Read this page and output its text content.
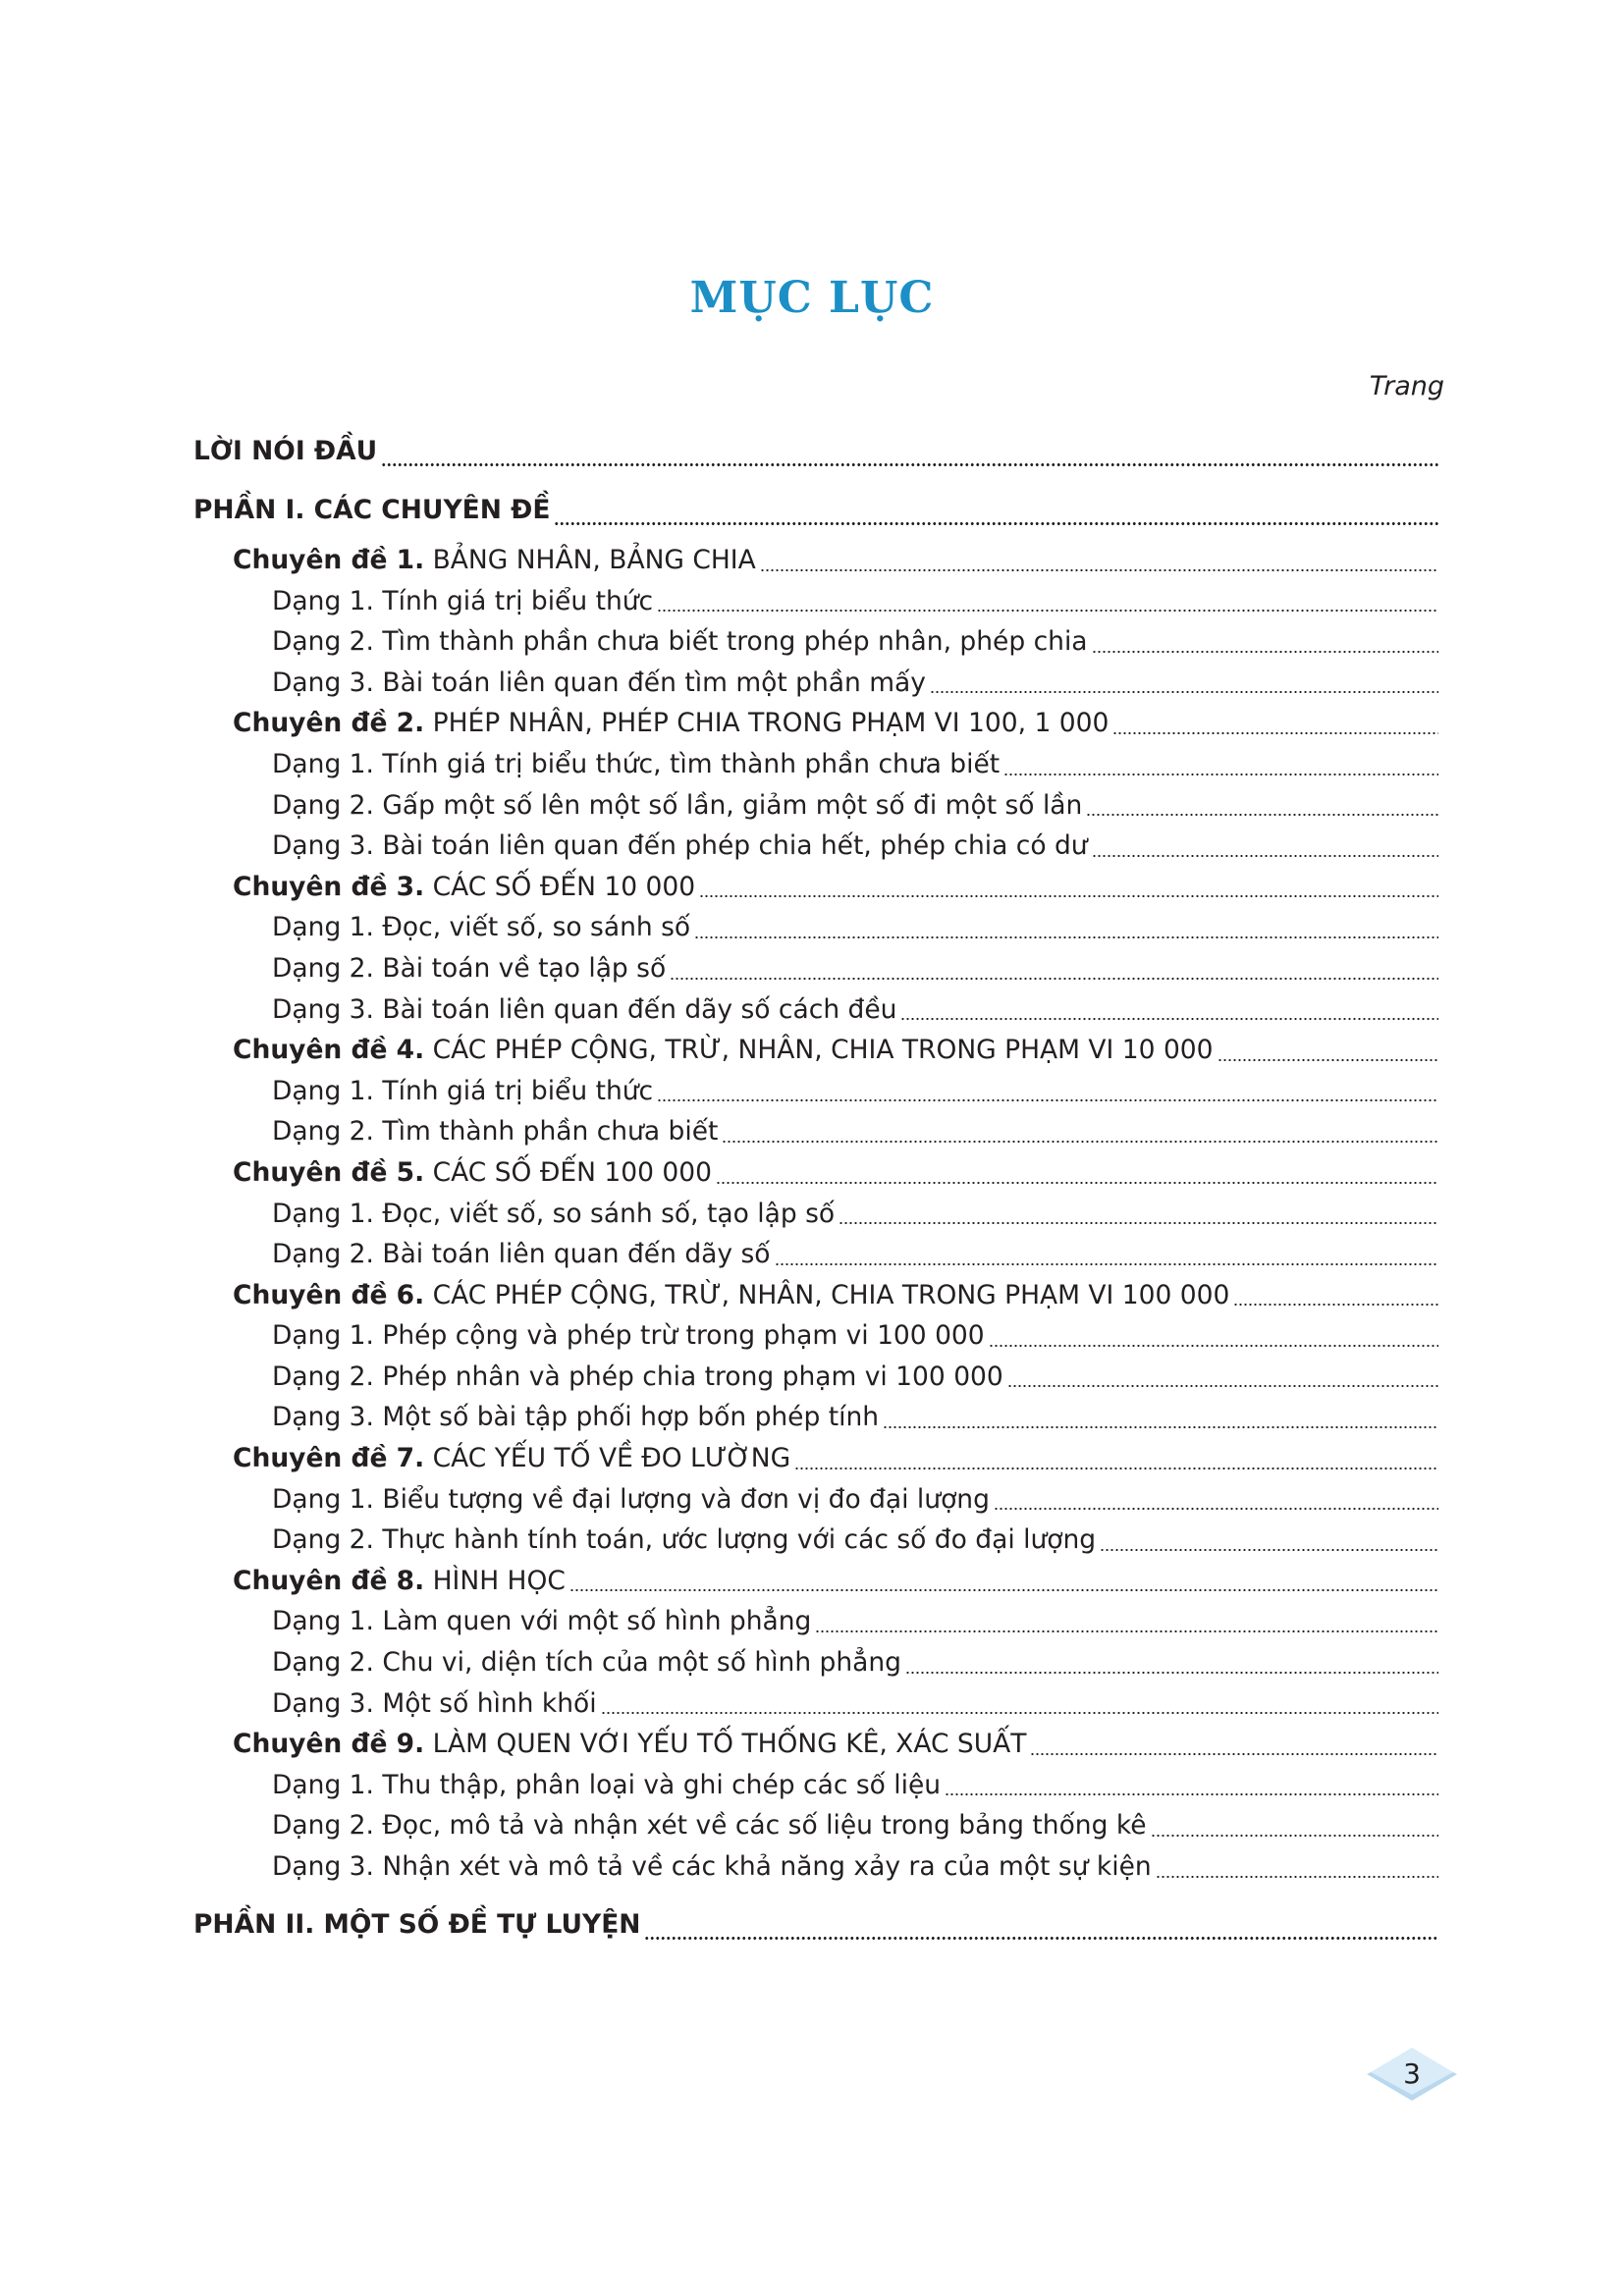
MỤC LỤC
Trang
LỜI NÓI ĐẦU
PHẦN I. CÁC CHUYÊN ĐỀ
Chuyên đề 1. BẢNG NHÂN, BẢNG CHIA
Dạng 1. Tính giá trị biểu thức
Dạng 2. Tìm thành phần chưa biết trong phép nhân, phép chia
Dạng 3. Bài toán liên quan đến tìm một phần mấy
Chuyên đề 2. PHÉP NHÂN, PHÉP CHIA TRONG PHẠM VI 100, 1 000
Dạng 1. Tính giá trị biểu thức, tìm thành phần chưa biết
Dạng 2. Gấp một số lên một số lần, giảm một số đi một số lần
Dạng 3. Bài toán liên quan đến phép chia hết, phép chia có dư
Chuyên đề 3. CÁC SỐ ĐẾN 10 000
Dạng 1. Đọc, viết số, so sánh số
Dạng 2. Bài toán về tạo lập số
Dạng 3. Bài toán liên quan đến dãy số cách đều
Chuyên đề 4. CÁC PHÉP CỘNG, TRỪ, NHÂN, CHIA TRONG PHẠM VI 10 000
Dạng 1. Tính giá trị biểu thức
Dạng 2. Tìm thành phần chưa biết
Chuyên đề 5. CÁC SỐ ĐẾN 100 000
Dạng 1. Đọc, viết số, so sánh số, tạo lập số
Dạng 2. Bài toán liên quan đến dãy số
Chuyên đề 6. CÁC PHÉP CỘNG, TRỪ, NHÂN, CHIA TRONG PHẠM VI 100 000
Dạng 1. Phép cộng và phép trừ trong phạm vi 100 000
Dạng 2. Phép nhân và phép chia trong phạm vi 100 000
Dạng 3. Một số bài tập phối hợp bốn phép tính
Chuyên đề 7. CÁC YẾU TỐ VỀ ĐO LƯỜNG
Dạng 1. Biểu tượng về đại lượng và đơn vị đo đại lượng
Dạng 2. Thực hành tính toán, ước lượng với các số đo đại lượng
Chuyên đề 8. HÌNH HỌC
Dạng 1. Làm quen với một số hình phẳng
Dạng 2. Chu vi, diện tích của một số hình phẳng
Dạng 3. Một số hình khối
Chuyên đề 9. LÀM QUEN VỚI YẾU TỐ THỐNG KÊ, XÁC SUẤT
Dạng 1. Thu thập, phân loại và ghi chép các số liệu
Dạng 2. Đọc, mô tả và nhận xét về các số liệu trong bảng thống kê
Dạng 3. Nhận xét và mô tả về các khả năng xảy ra của một sự kiện
PHẦN II. MỘT SỐ ĐỀ TỰ LUYỆN
3
